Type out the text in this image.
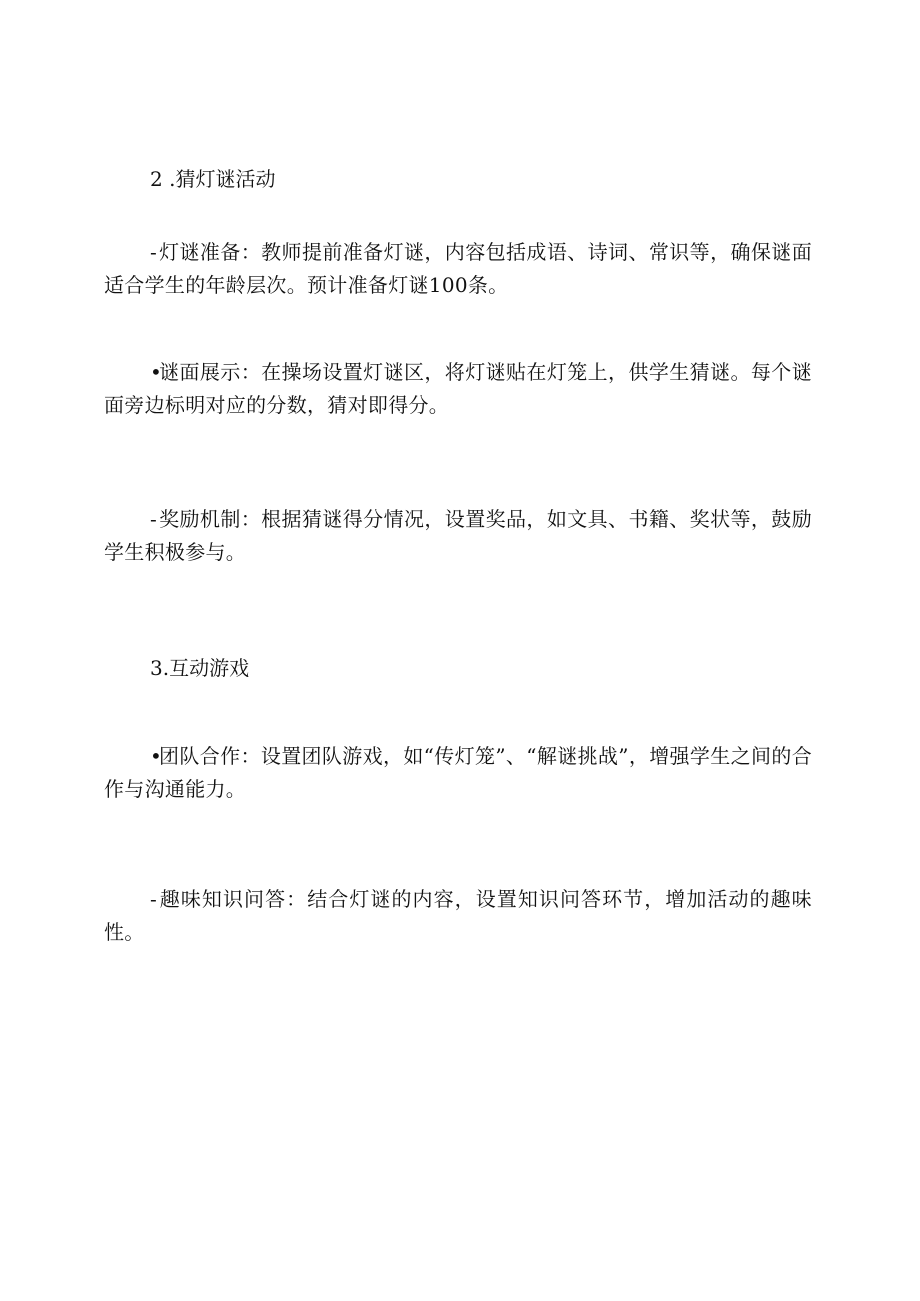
2 .猜灯谜活动
-灯谜准备：教师提前准备灯谜，内容包括成语、诗词、常识等，确保谜面适合学生的年龄层次。预计准备灯谜100条。
•谜面展示：在操场设置灯谜区，将灯谜贴在灯笼上，供学生猜谜。每个谜面旁边标明对应的分数，猜对即得分。
-奖励机制：根据猜谜得分情况，设置奖品，如文具、书籍、奖状等，鼓励学生积极参与。
3.互动游戏
•团队合作：设置团队游戏，如“传灯笼”、“解谜挑战”，增强学生之间的合作与沟通能力。
-趣味知识问答：结合灯谜的内容，设置知识问答环节，增加活动的趣味性。
